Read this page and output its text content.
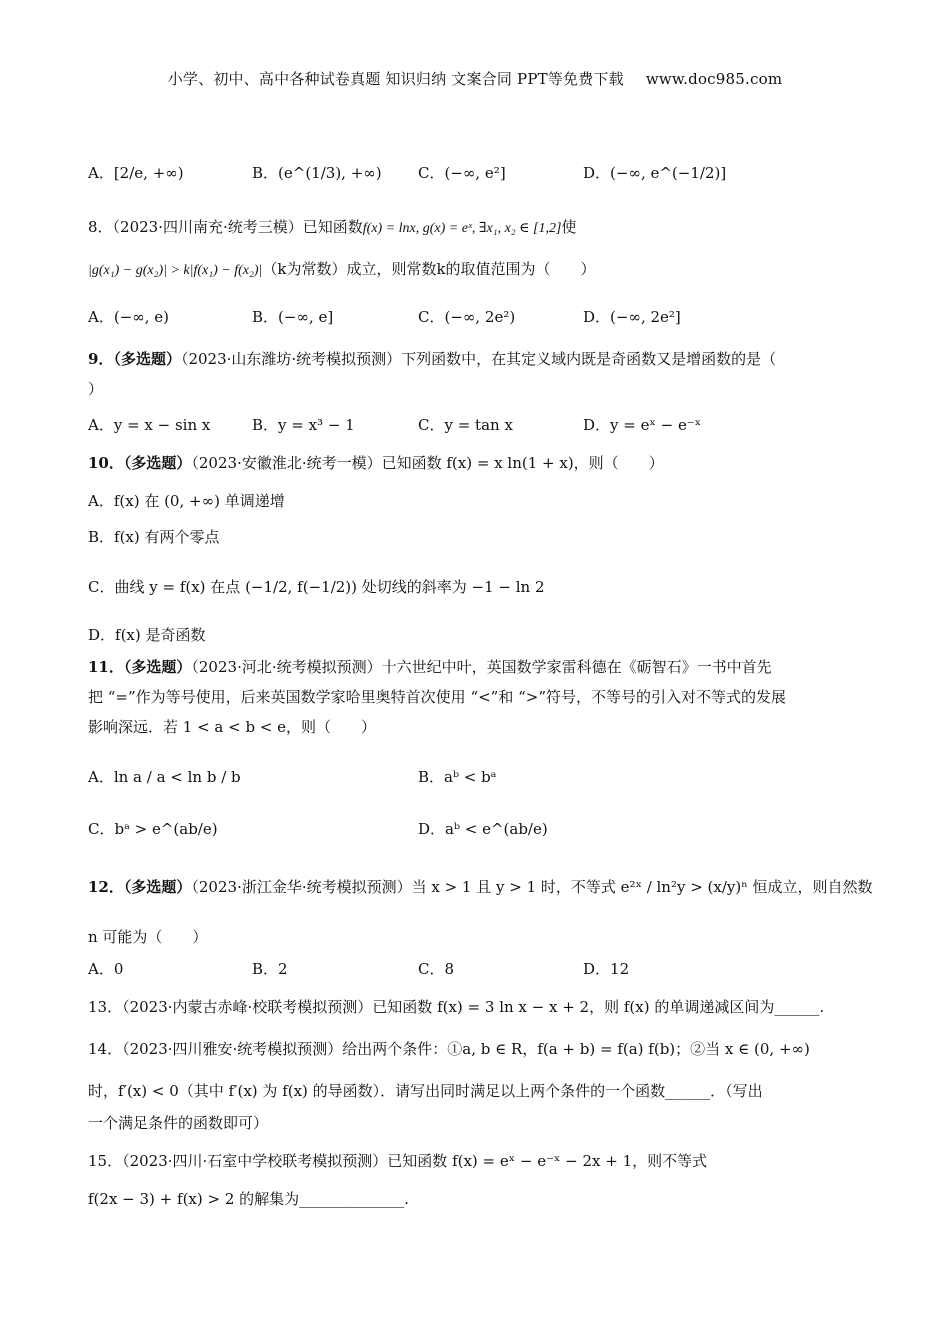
小学、初中、高中各种试卷真题 知识归纳 文案合同 PPT等免费下载 www.doc985.com
A．[2/e, +∞)	B．(e^(1/3), +∞) C．(−∞, e²]	D．(−∞, e^(−1/2)]
8．（2023·四川南充·统考三模）已知函数f(x) = lnx, g(x) = eˣ, ∃x₁, x₂ ∈ [1,2]使
|g(x₁) − g(x₂)| > k|f(x₁) − f(x₂)|（k为常数）成立，则常数k的取值范围为（　　）
A．(−∞, e)	B．(−∞, e]	C．(−∞, 2e²)	D．(−∞, 2e²]
9．（多选题）（2023·山东潍坊·统考模拟预测）下列函数中，在其定义域内既是奇函数又是增函数的是（
）
A．y = x − sin x	B．y = x³ − 1	C．y = tan x	D．y = eˣ − e⁻ˣ
10．（多选题）（2023·安徽淮北·统考一模）已知函数 f(x) = x ln(1 + x)，则（　　）
A．f(x) 在 (0, +∞) 单调递增
B．f(x) 有两个零点
C．曲线 y = f(x) 在点 (−1/2, f(−1/2)) 处切线的斜率为 −1 − ln 2
D．f(x) 是奇函数
11．（多选题）（2023·河北·统考模拟预测）十六世纪中叶，英国数学家雷科德在《砺智石》一书中首先
把 “=”作为等号使用，后来英国数学家哈里奥特首次使用 “<”和 “>”符号，不等号的引入对不等式的发展
影响深远．若 1 < a < b < e，则（　　）
A．ln a / a < ln b / b	B．aᵇ < bᵃ
C．bᵃ > e^(ab/e)	D．aᵇ < e^(ab/e)
12．（多选题）（2023·浙江金华·统考模拟预测）当 x > 1 且 y > 1 时，不等式 e²ˣ / ln²y > (x/y)ⁿ 恒成立，则自然数
n 可能为（　　）
A．0	B．2	C．8	D．12
13．（2023·内蒙古赤峰·校联考模拟预测）已知函数 f(x) = 3 ln x − x + 2，则 f(x) 的单调递减区间为______.
14．（2023·四川雅安·统考模拟预测）给出两个条件：①a, b ∈ R，f(a + b) = f(a) f(b)；②当 x ∈ (0, +∞)
时，f′(x) < 0（其中 f′(x) 为 f(x) 的导函数）．请写出同时满足以上两个条件的一个函数______．（写出
一个满足条件的函数即可）
15．（2023·四川·石室中学校联考模拟预测）已知函数 f(x) = eˣ − e⁻ˣ − 2x + 1，则不等式
f(2x − 3) + f(x) > 2 的解集为______________.
